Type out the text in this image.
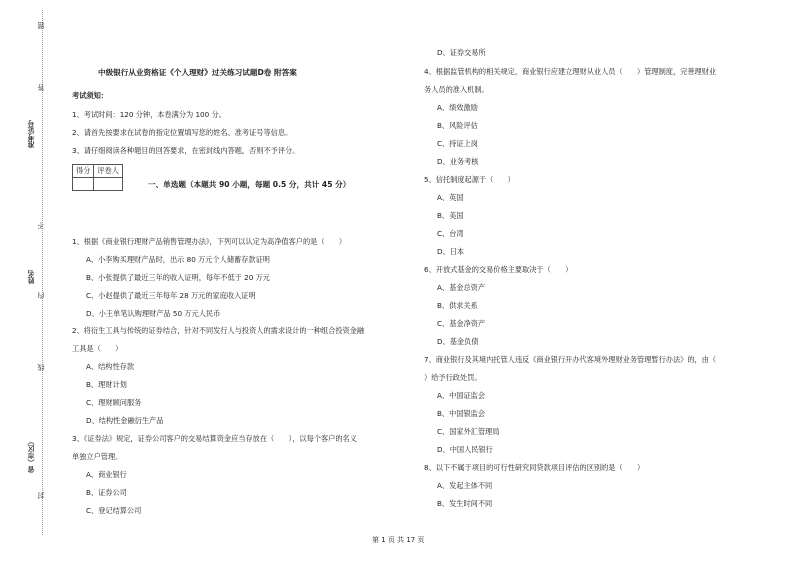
题
答
准考证号
不
姓名
内
线
省（市区）
封
中级银行从业资格证《个人理财》过关练习试题D卷 附答案
考试须知：
1、考试时间：120 分钟，本卷满分为 100 分。
2、请首先按要求在试卷的指定位置填写您的姓名、准考证号等信息。
3、请仔细阅读各种题目的回答要求，在密封线内答题，否则不予评分。
得分	评卷人

一、单选题（本题共 90 小题，每题 0.5 分，共计 45 分）
1、根据《商业银行理财产品销售管理办法》，下列可以认定为高净值客户的是（　　）
A、小李购买理财产品时，出示 80 万元个人储蓄存款证明
B、小张提供了最近三年的收入证明，每年不低于 20 万元
C、小赵提供了最近三年每年 28 万元的家庭收入证明
D、小王单笔认购理财产品 50 万元人民币
2、将衍生工具与传统的证券结合，针对不同发行人与投资人的需求设计的一种组合投资金融
工具是（　　）
A、结构性存款
B、理财计划
C、理财顾问服务
D、结构性金融衍生产品
3、《证券法》规定，证券公司客户的交易结算资金应当存放在（　　），以每个客户的名义
单独立户管理。
A、商业银行
B、证券公司
C、登记结算公司
D、证券交易所
4、根据监管机构的相关规定，商业银行应建立理财从业人员（　　）管理制度，完善理财业
务人员的准入机制。
A、绩效激励
B、风险评估
C、持证上岗
D、业务考核
5、信托制度起源于（　　）
A、英国
B、美国
C、台湾
D、日本
6、开放式基金的交易价格主要取决于（　　）
A、基金总资产
B、供求关系
C、基金净资产
D、基金负债
7、商业银行及其境内托管人违反《商业银行开办代客境外理财业务管理暂行办法》的，由（
）给予行政处罚。
A、中国证监会
B、中国银监会
C、国家外汇管理局
D、中国人民银行
8、以下不属于项目的可行性研究同贷款项目评估的区别的是（　　）
A、发起主体不同
B、发生时间不同
第 1 页 共 17 页
